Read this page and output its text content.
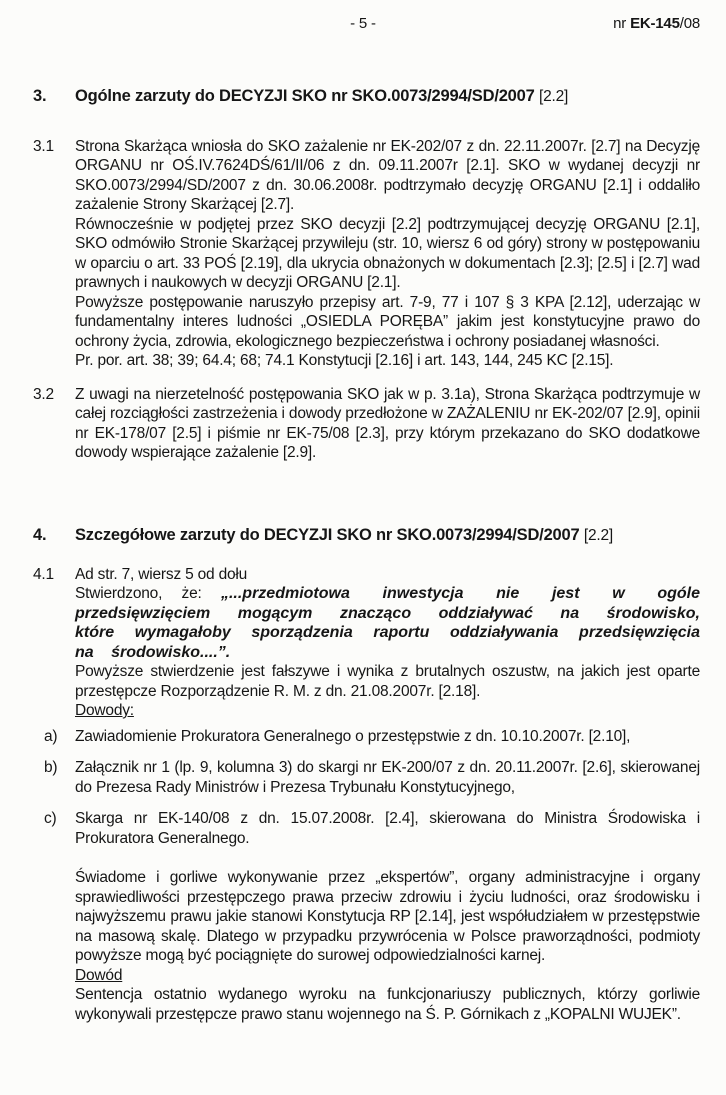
- 5 -	nr EK-145/08
3.	Ogólne zarzuty do DECYZJI SKO nr SKO.0073/2994/SD/2007 [2.2]
3.1	Strona Skarżąca wniosła do SKO zażalenie nr EK-202/07 z dn. 22.11.2007r. [2.7] na Decyzję ORGANU nr OŚ.IV.7624DŚ/61/II/06 z dn. 09.11.2007r [2.1]. SKO w wydanej decyzji nr SKO.0073/2994/SD/2007 z dn. 30.06.2008r. podtrzymało decyzję ORGANU [2.1] i oddaliło zażalenie Strony Skarżącej [2.7].

Równocześnie w podjętej przez SKO decyzji [2.2] podtrzymującej decyzję ORGANU [2.1], SKO odmówiło Stronie Skarżącej przywileju (str. 10, wiersz 6 od góry) strony w postępowaniu w oparciu o art. 33 POŚ [2.19], dla ukrycia obnażonych w dokumentach [2.3]; [2.5] i [2.7] wad prawnych i naukowych w decyzji ORGANU [2.1].

Powyższe postępowanie naruszyło przepisy art. 7-9, 77 i 107 § 3 KPA [2.12], uderzając w fundamentalny interes ludności „OSIEDLA PORĘBA” jakim jest konstytucyjne prawo do ochrony życia, zdrowia, ekologicznego bezpieczeństwa i ochrony posiadanej własności.

Pr. por. art. 38; 39; 64.4; 68; 74.1 Konstytucji [2.16] i art. 143, 144, 245 KC [2.15].

3.2	Z uwagi na nierzetelność postępowania SKO jak w p. 3.1a), Strona Skarżąca podtrzymuje w całej rozciągłości zastrzeżenia i dowody przedłożone w ZAŻALENIU nr EK-202/07 [2.9], opinii nr EK-178/07 [2.5] i piśmie nr EK-75/08 [2.3], przy którym przekazano do SKO dodatkowe dowody wspierające zażalenie [2.9].

4.	Szczegółowe zarzuty do DECYZJI SKO nr SKO.0073/2994/SD/2007 [2.2]
4.1	Ad str. 7, wiersz 5 od dołu

Stwierdzono, że: „...przedmiotowa inwestycja nie jest w ogóle przedsięwzięciem mogącym znacząco oddziaływać na środowisko, które wymagałoby sporządzenia raportu oddziaływania przedsięwzięcia na środowisko....”.

Powyższe stwierdzenie jest fałszywe i wynika z brutalnych oszustw, na jakich jest oparte przestępcze Rozporządzenie R. M. z dn. 21.08.2007r. [2.18].

Dowody:

a)	Zawiadomienie Prokuratora Generalnego o przestępstwie z dn. 10.10.2007r. [2.10],
b)	Załącznik nr 1 (lp. 9, kolumna 3) do skargi nr EK-200/07 z dn. 20.11.2007r. [2.6], skierowanej do Prezesa Rady Ministrów i Prezesa Trybunału Konstytucyjnego,
c)	Skarga nr EK-140/08 z dn. 15.07.2008r. [2.4], skierowana do Ministra Środowiska i Prokuratora Generalnego.

Świadome i gorliwe wykonywanie przez „ekspertów”, organy administracyjne i organy sprawiedliwości przestępczego prawa przeciw zdrowiu i życiu ludności, oraz środowisku i najwyższemu prawu jakie stanowi Konstytucja RP [2.14], jest współudziałem w przestępstwie na masową skalę. Dlatego w przypadku przywrócenia w Polsce praworządności, podmioty powyższe mogą być pociągnięte do surowej odpowiedzialności karnej.

Dowód

Sentencja ostatnio wydanego wyroku na funkcjonariuszy publicznych, którzy gorliwie wykonywali przestępcze prawo stanu wojennego na Ś. P. Górnikach z „KOPALNI WUJEK”.
